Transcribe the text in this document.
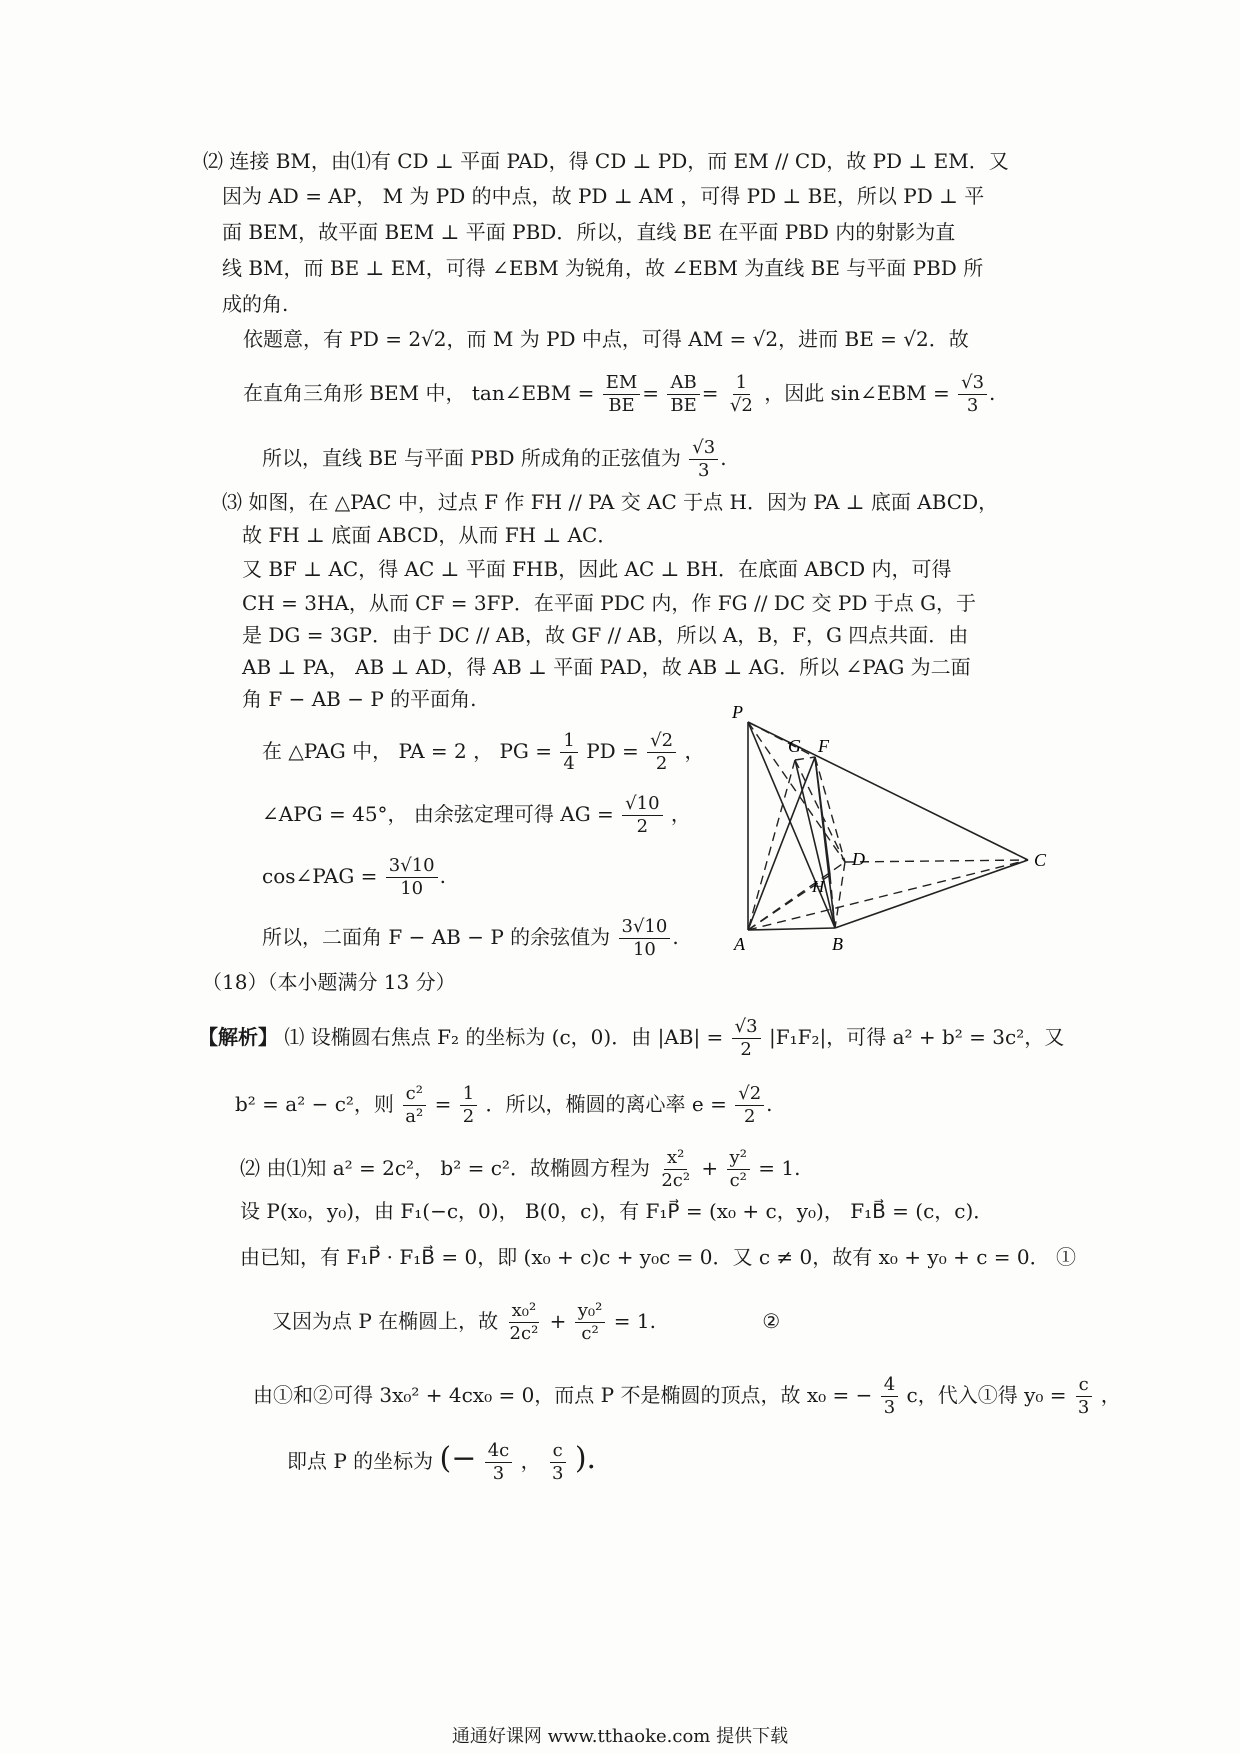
⑵ 连接 BM，由⑴有 CD ⊥ 平面 PAD，得 CD ⊥ PD，而 EM // CD，故 PD ⊥ EM．又
因为 AD = AP， M 为 PD 的中点，故 PD ⊥ AM ，可得 PD ⊥ BE，所以 PD ⊥ 平
面 BEM，故平面 BEM ⊥ 平面 PBD．所以，直线 BE 在平面 PBD 内的射影为直
线 BM，而 BE ⊥ EM，可得 ∠EBM 为锐角，故 ∠EBM 为直线 BE 与平面 PBD 所
成的角.
依题意，有 PD = 2√2，而 M 为 PD 中点，可得 AM = √2，进而 BE = √2．故
在直角三角形 BEM 中， tan∠EBM = $\frac{EM}{BE} = \frac{AB}{BE} = \frac{1}{√2}$ ，因此 sin∠EBM = $\frac{√3}{3}$ .
所以，直线 BE 与平面 PBD 所成角的正弦值为 $\frac{√3}{3}$ .
⑶ 如图，在 △PAC 中，过点 F 作 FH // PA 交 AC 于点 H．因为 PA ⊥ 底面 ABCD，
故 FH ⊥ 底面 ABCD，从而 FH ⊥ AC．
又 BF ⊥ AC，得 AC ⊥ 平面 FHB，因此 AC ⊥ BH．在底面 ABCD 内，可得
CH = 3HA，从而 CF = 3FP．在平面 PDC 内，作 FG // DC 交 PD 于点 G，于
是 DG = 3GP．由于 DC // AB，故 GF // AB，所以 A，B，F，G 四点共面．由
AB ⊥ PA， AB ⊥ AD，得 AB ⊥ 平面 PAD，故 AB ⊥ AG．所以 ∠PAG 为二面
角 F − AB − P 的平面角.
在 △PAG 中， PA = 2 ， PG = $\frac{1}{4}$ PD = $\frac{√2}{2}$ ，
∠APG = 45°， 由余弦定理可得 AG = $\frac{√10}{2}$ ，
cos∠PAG = $\frac{3√10}{10}$ .
所以，二面角 F − AB − P 的余弦值为 $\frac{3√10}{10}$ .
P
G F
D
H
C
A	B
（18）（本小题满分 13 分）
【解析】 ⑴ 设椭圆右焦点 F₂ 的坐标为 (c，0)．由 $|AB| = \frac{√3}{2} |F_1F_2|$，可得 a² + b² = 3c²，又
b² = a² − c²，则 $\frac{\text{c²}}{\text{a²}} = \frac{1}{2}$ ．所以，椭圆的离心率 $e = \frac{√2}{2}$ .
⑵ 由⑴知 a² = 2c²， b² = c²．故椭圆方程为 $\frac{\text{x²}}{\text{2c²}} + \frac{\text{y²}}{\text{c²}} = 1$.
设 P(x₀，y₀)，由 F₁(−c，0)， B(0，c)，有 F₁P⃗ = (x₀ + c，y₀)， F₁B⃗ = (c，c)．
由已知，有 F₁P⃗ · F₁B⃗ = 0，即 (x₀ + c)c + y₀c = 0．又 c ≠ 0，故有 x₀ + y₀ + c = 0． ①
又因为点 P 在椭圆上，故 $\frac{\text{x₀²}}{\text{2c²}} + \frac{\text{y₀²}}{\text{c²}} = 1$.	②
由①和②可得 3x₀² + 4cx₀ = 0，而点 P 不是椭圆的顶点，故 x₀ = − $\frac{4}{3}$ c，代入①得 $y_0 = \frac{c}{3}$ ，
即点 P 的坐标为 (− $\frac{4c}{3}$ ， $\frac{c}{3}$ ).
通通好课网 www.tthaoke.com 提供下载
